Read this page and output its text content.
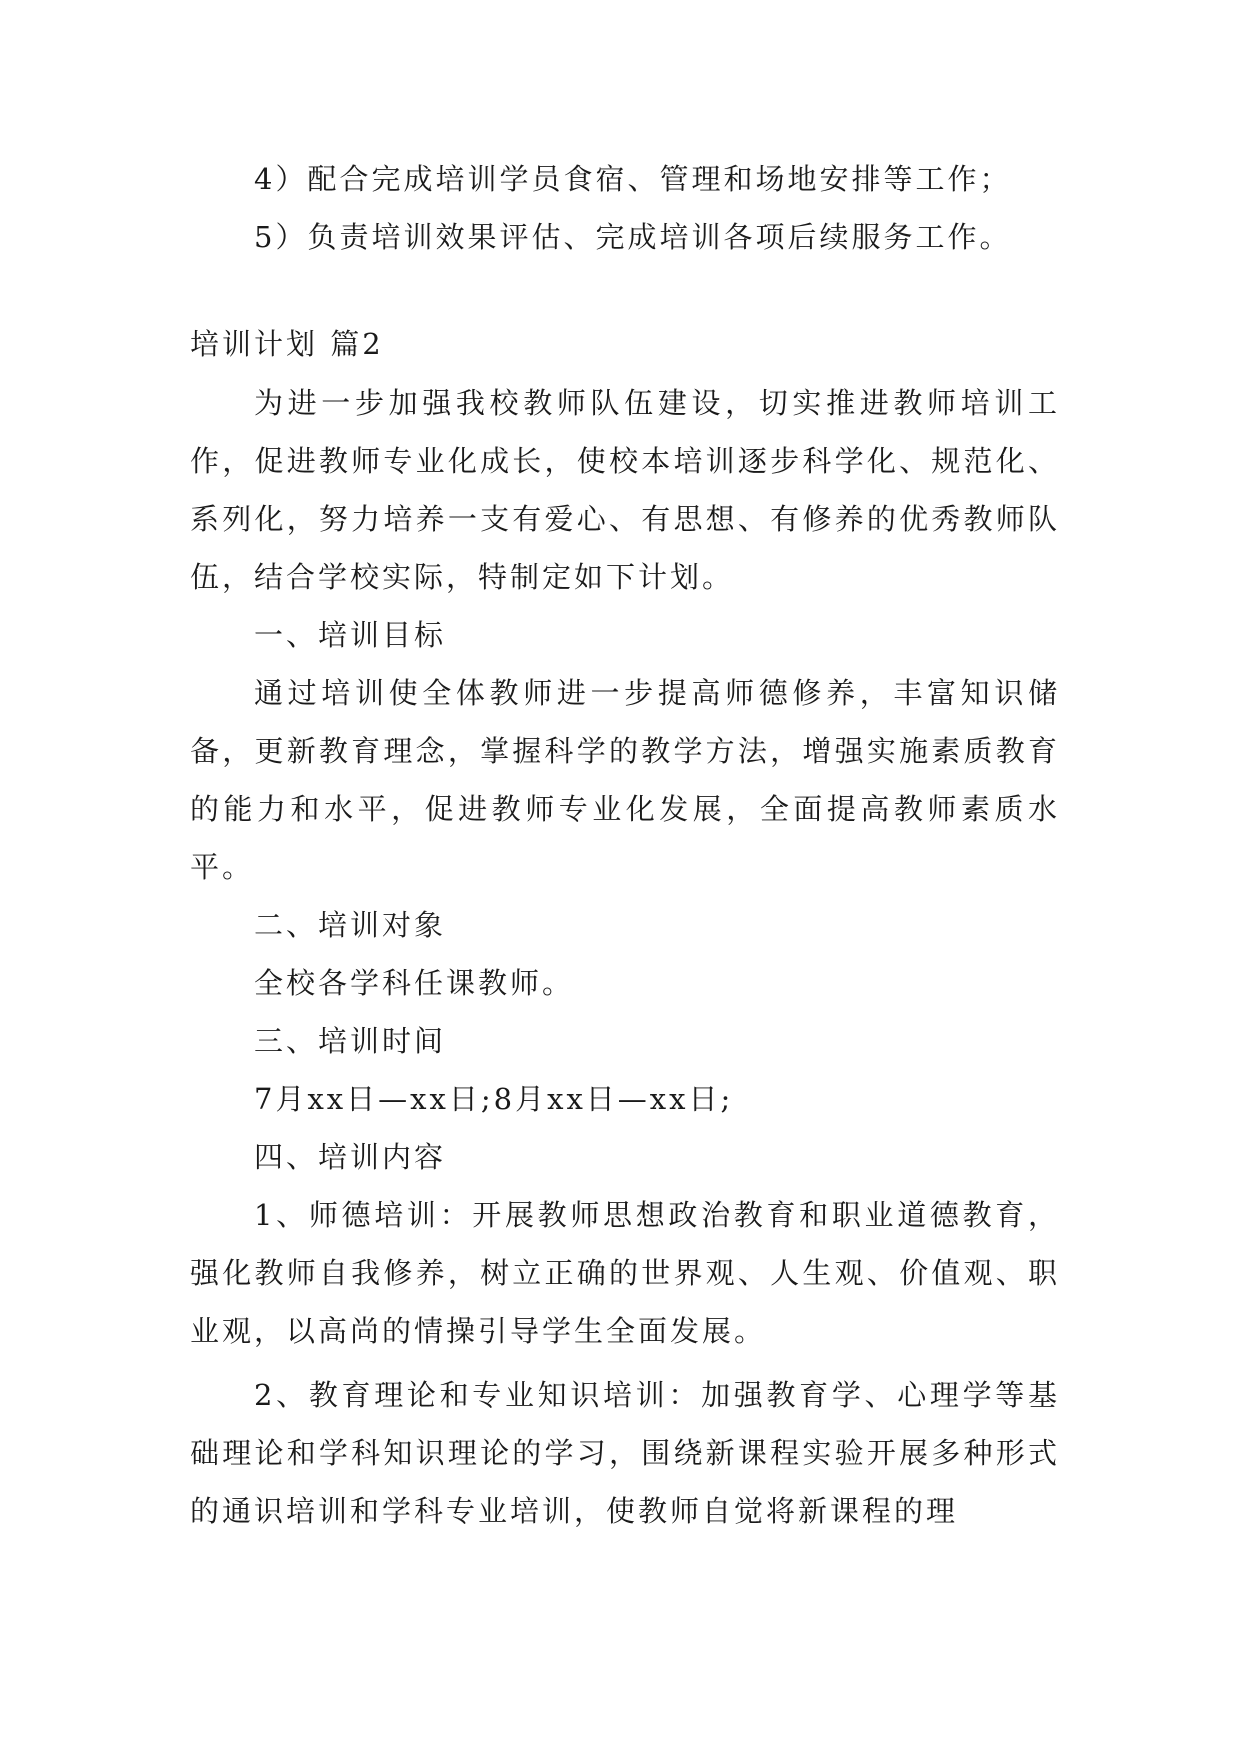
4）配合完成培训学员食宿、管理和场地安排等工作；

5）负责培训效果评估、完成培训各项后续服务工作。

培训计划 篇2

为进一步加强我校教师队伍建设，切实推进教师培训工作，促进教师专业化成长，使校本培训逐步科学化、规范化、系列化，努力培养一支有爱心、有思想、有修养的优秀教师队伍，结合学校实际，特制定如下计划。

一、培训目标

通过培训使全体教师进一步提高师德修养，丰富知识储备，更新教育理念，掌握科学的教学方法，增强实施素质教育的能力和水平，促进教师专业化发展，全面提高教师素质水平。

二、培训对象

全校各学科任课教师。

三、培训时间

7月xx日—xx日;8月xx日—xx日;

四、培训内容

1、师德培训：开展教师思想政治教育和职业道德教育，强化教师自我修养，树立正确的世界观、人生观、价值观、职业观，以高尚的情操引导学生全面发展。

2、教育理论和专业知识培训：加强教育学、心理学等基础理论和学科知识理论的学习，围绕新课程实验开展多种形式的通识培训和学科专业培训，使教师自觉将新课程的理
